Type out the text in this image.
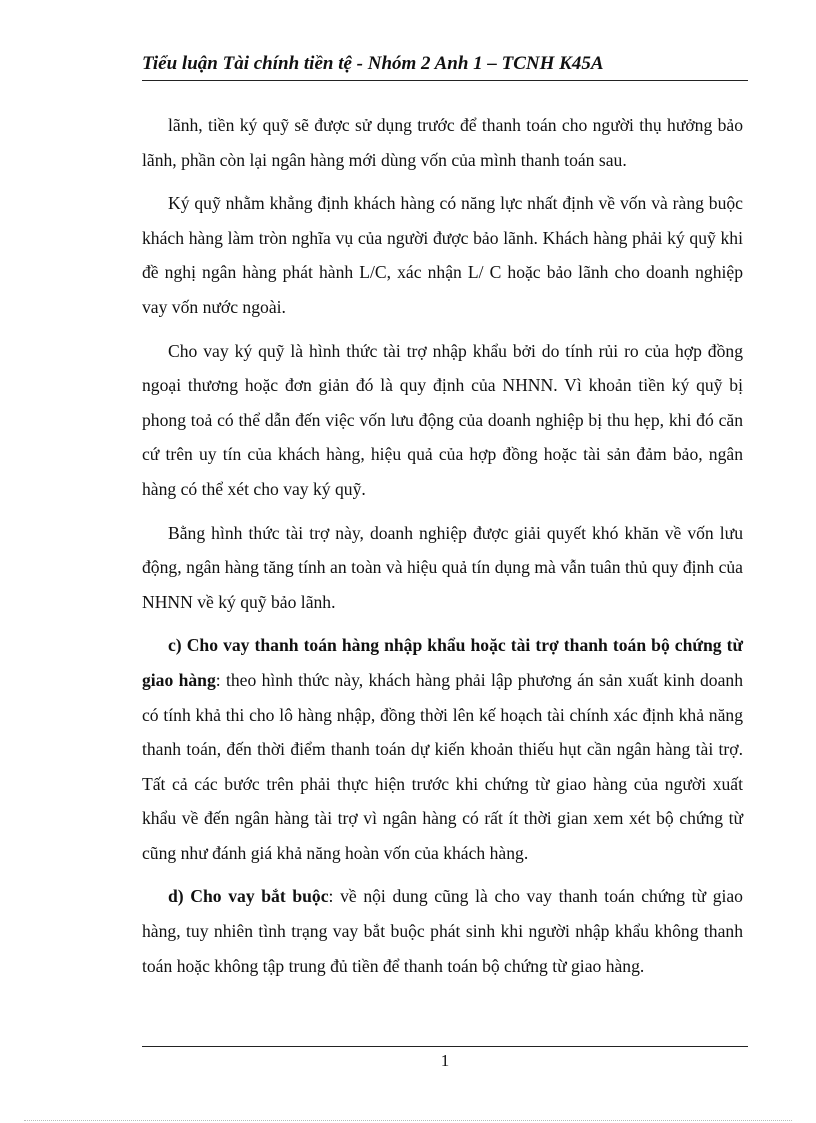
Tiểu luận Tài chính tiền tệ - Nhóm 2 Anh 1 – TCNH K45A

lãnh, tiền ký quỹ sẽ được sử dụng trước để thanh toán cho người thụ hưởng bảo lãnh, phần còn lại ngân hàng mới dùng vốn của mình thanh toán sau.

Ký quỹ nhằm khẳng định khách hàng có năng lực nhất định về vốn và ràng buộc khách hàng làm tròn nghĩa vụ của người được bảo lãnh. Khách hàng phải ký quỹ khi đề nghị ngân hàng phát hành L/C, xác nhận L/ C hoặc bảo lãnh cho doanh nghiệp vay vốn nước ngoài.

Cho vay ký quỹ là hình thức tài trợ nhập khẩu bởi do tính rủi ro của hợp đồng ngoại thương hoặc đơn giản đó là quy định của NHNN. Vì khoản tiền ký quỹ bị phong toả có thể dẫn đến việc vốn lưu động của doanh nghiệp bị thu hẹp, khi đó căn cứ trên uy tín của khách hàng, hiệu quả của hợp đồng hoặc tài sản đảm bảo, ngân hàng có thể xét cho vay ký quỹ.

Bằng hình thức tài trợ này, doanh nghiệp được giải quyết khó khăn về vốn lưu động, ngân hàng tăng tính an toàn và hiệu quả tín dụng mà vẫn tuân thủ quy định của NHNN về ký quỹ bảo lãnh.

c) Cho vay thanh toán hàng nhập khẩu hoặc tài trợ thanh toán bộ chứng từ giao hàng: theo hình thức này, khách hàng phải lập phương án sản xuất kinh doanh có tính khả thi cho lô hàng nhập, đồng thời lên kế hoạch tài chính xác định khả năng thanh toán, đến thời điểm thanh toán dự kiến khoản thiếu hụt cần ngân hàng tài trợ. Tất cả các bước trên phải thực hiện trước khi chứng từ giao hàng của người xuất khẩu về đến ngân hàng tài trợ vì ngân hàng có rất ít thời gian xem xét bộ chứng từ cũng như đánh giá khả năng hoàn vốn của khách hàng.

d) Cho vay bắt buộc: về nội dung cũng là cho vay thanh toán chứng từ giao hàng, tuy nhiên tình trạng vay bắt buộc phát sinh khi người nhập khẩu không thanh toán hoặc không tập trung đủ tiền để thanh toán bộ chứng từ giao hàng.

1
